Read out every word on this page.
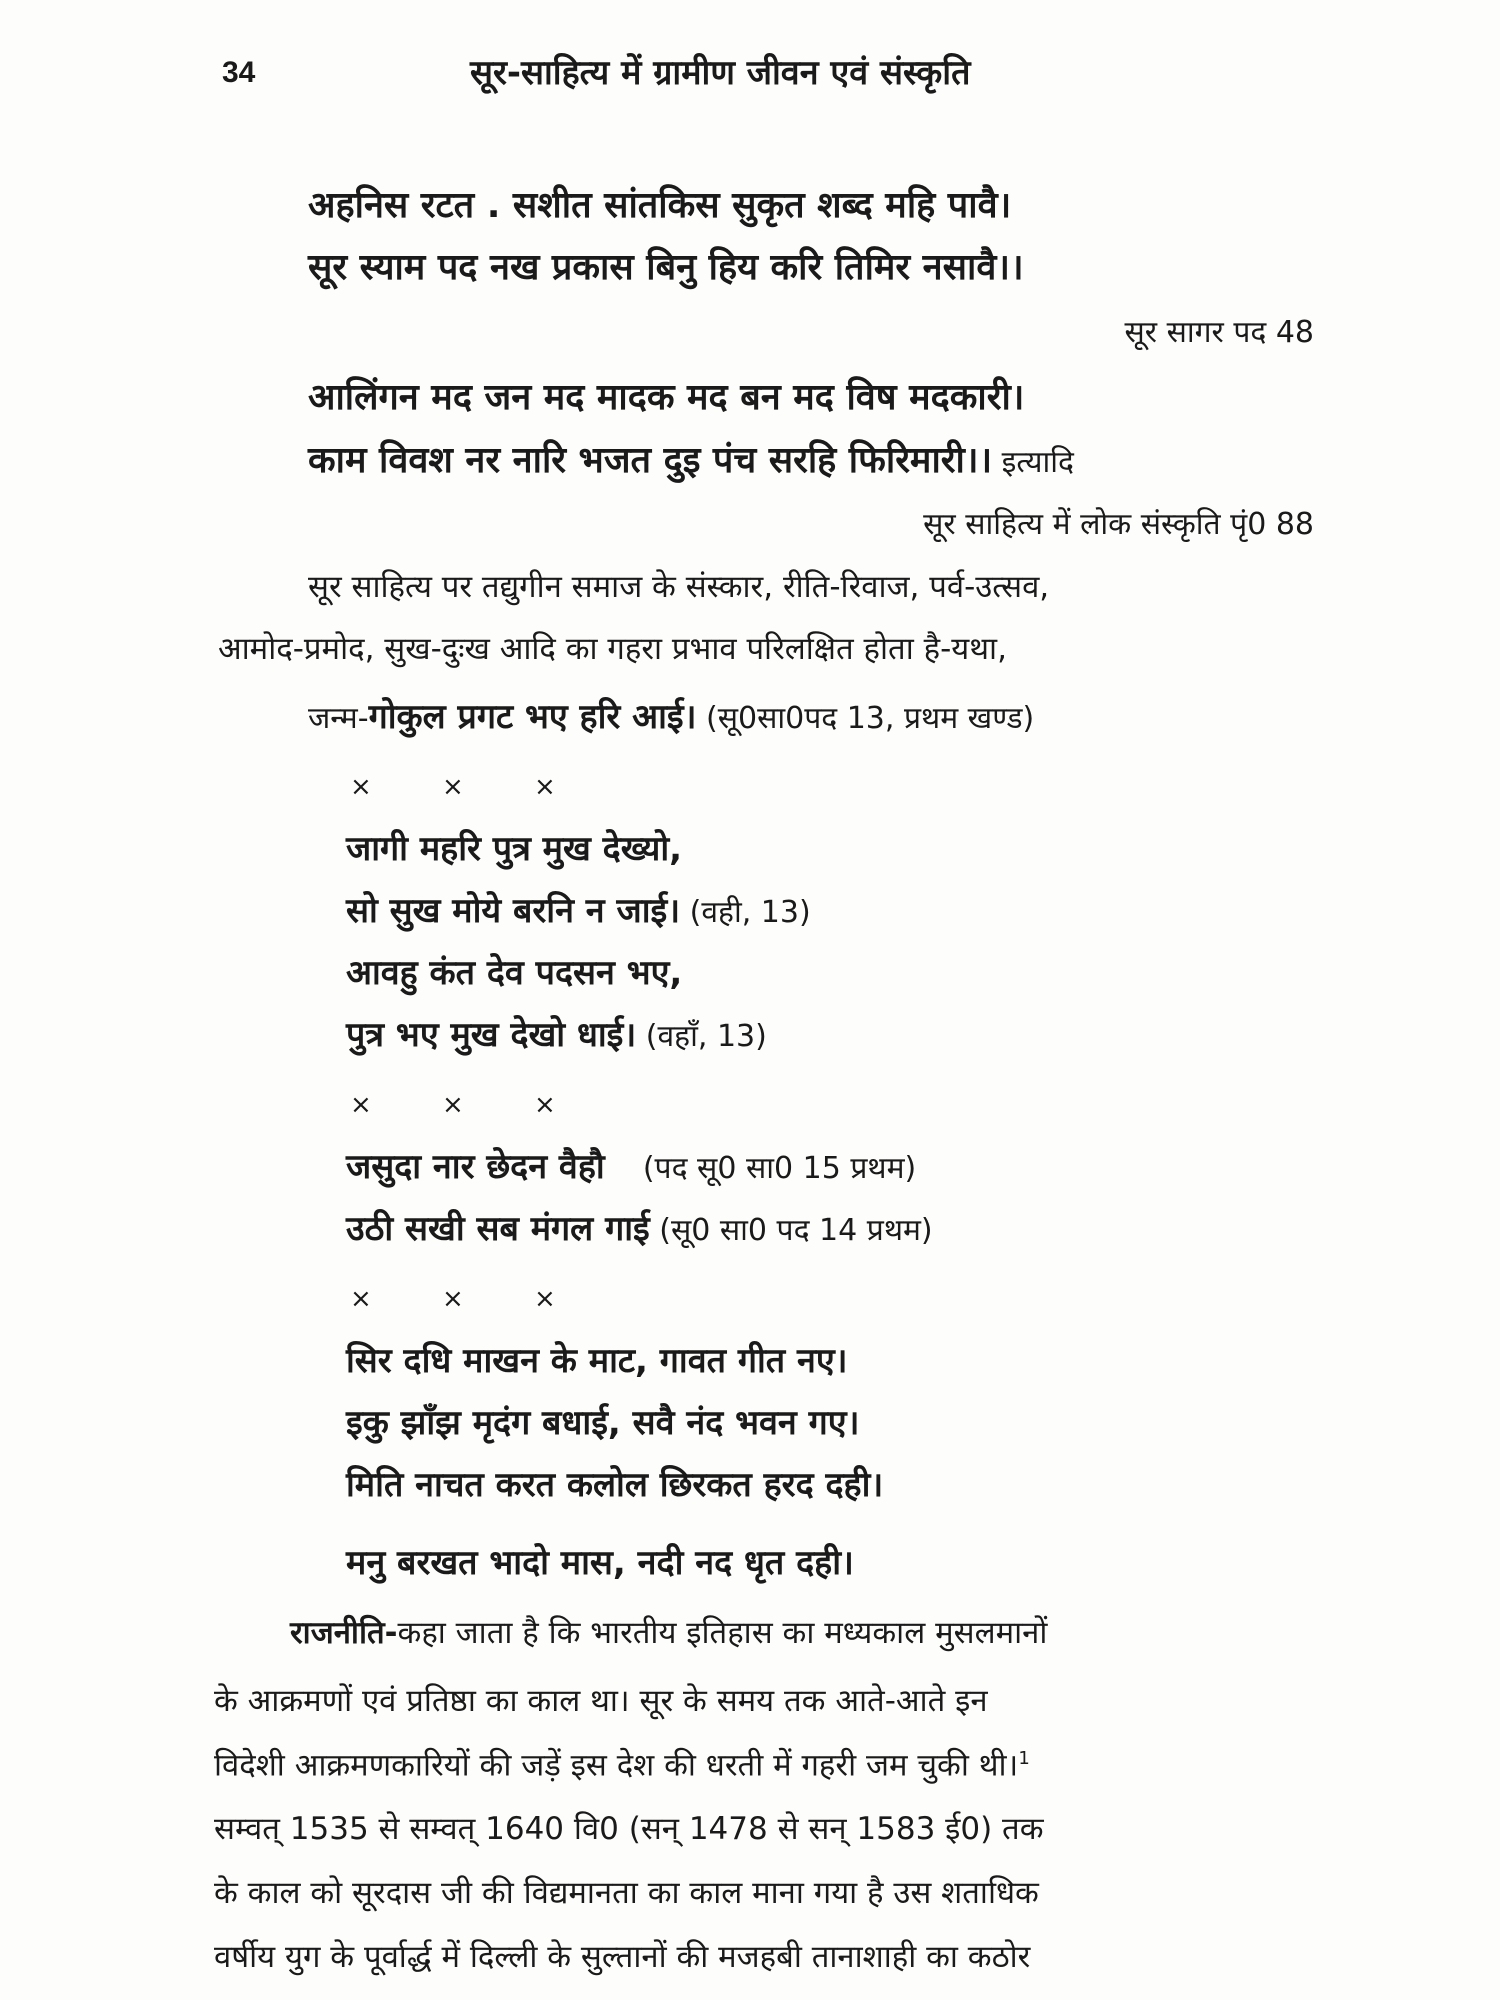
34	सूर-साहित्य में ग्रामीण जीवन एवं संस्कृति
अहनिस रटत . सशीत सांतकिस सुकृत शब्द महि पावै।
सूर स्याम पद नख प्रकास बिनु हिय करि तिमिर नसावै।।
सूर सागर पद 48
आलिंगन मद जन मद मादक मद बन मद विष मदकारी।
काम विवश नर नारि भजत दुइ पंच सरहि फिरिमारी।। इत्यादि
सूर साहित्य में लोक संस्कृति पृं0 88
सूर साहित्य पर तद्युगीन समाज के संस्कार, रीति-रिवाज, पर्व-उत्सव,
आमोद-प्रमोद, सुख-दुःख आदि का गहरा प्रभाव परिलक्षित होता है-यथा,
जन्म-गोकुल प्रगट भए हरि आई। (सू0सा0पद 13, प्रथम खण्ड)
×	×	×
जागी महरि पुत्र मुख देख्यो,
सो सुख मोये बरनि न जाई। (वही, 13)
आवहु कंत देव पदसन भए,
पुत्र भए मुख देखो धाई। (वहाँ, 13)
×	×	×
जसुदा नार छेदन वैहौ    (पद सू0 सा0 15 प्रथम)
उठी सखी सब मंगल गाई (सू0 सा0 पद 14 प्रथम)
×	×	×
सिर दधि माखन के माट, गावत गीत नए।
इकु झाँझ मृदंग बधाई, सवै नंद भवन गए।
मिति नाचत करत कलोल छिरकत हरद दही।
मनु बरखत भादो मास, नदी नद धृत दही।
राजनीति-कहा जाता है कि भारतीय इतिहास का मध्यकाल मुसलमानों
के आक्रमणों एवं प्रतिष्ठा का काल था। सूर के समय तक आते-आते इन
विदेशी आक्रमणकारियों की जड़ें इस देश की धरती में गहरी जम चुकी थी।$^1$
सम्वत् 1535 से सम्वत् 1640 वि0 (सन् 1478 से सन् 1583 ई0) तक
के काल को सूरदास जी की विद्यमानता का काल माना गया है उस शताधिक
वर्षीय युग के पूर्वार्द्ध में दिल्ली के सुल्तानों की मजहबी तानाशाही का कठोर
